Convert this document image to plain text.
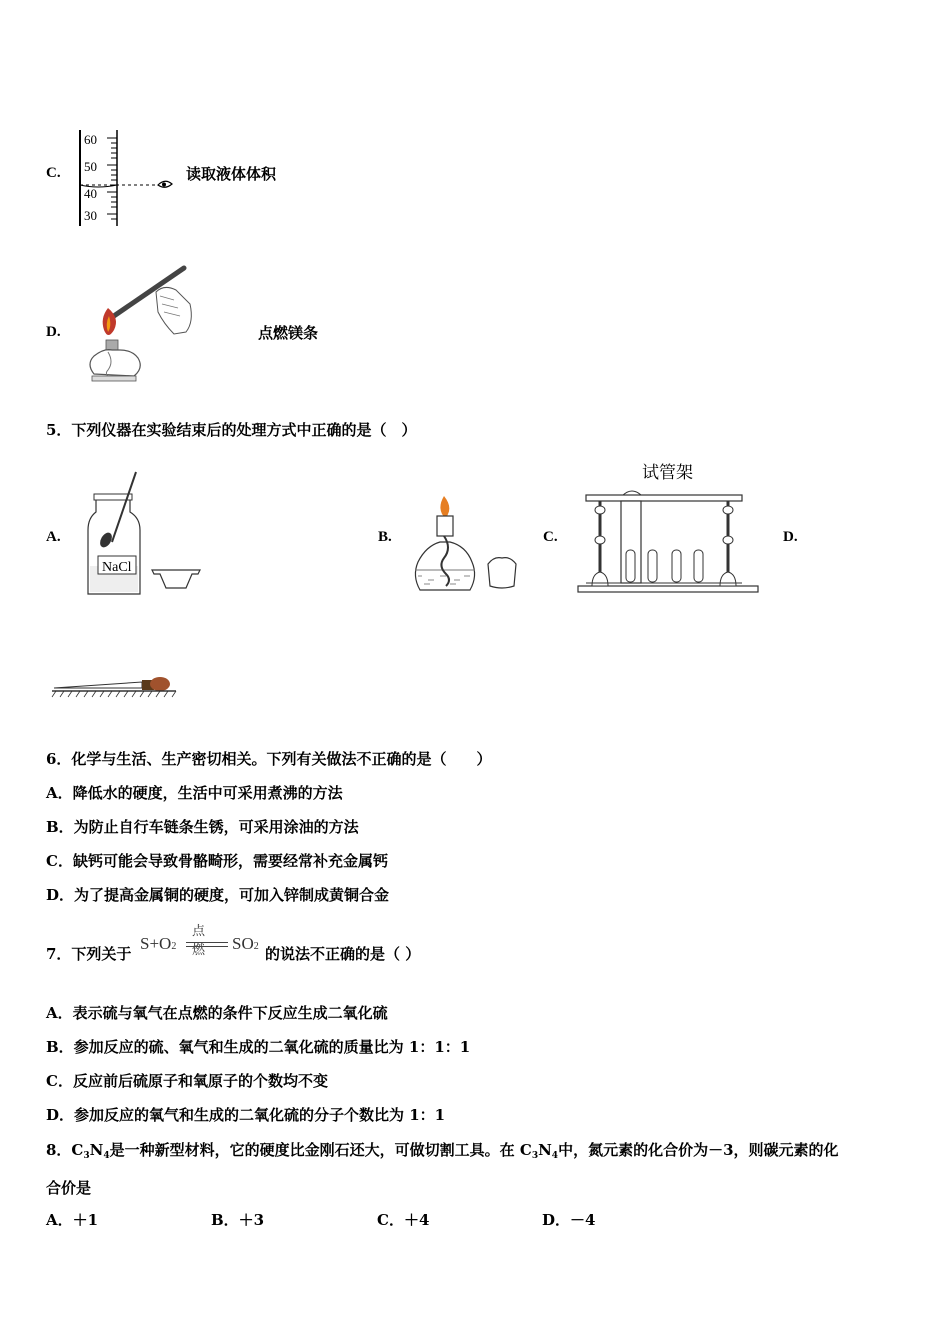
C.
60
50
40
30
读取液体体积
D.	点燃镁条
5．下列仪器在实验结束后的处理方式中正确的是（　）
A.
NaCl
B.	C.
试管架
D.
6．化学与生活、生产密切相关。下列有关做法不正确的是（　　）
A．降低水的硬度，生活中可采用煮沸的方法
B．为防止自行车链条生锈，可采用涂油的方法
C．缺钙可能会导致骨骼畸形，需要经常补充金属钙
D．为了提高金属铜的硬度，可加入锌制成黄铜合金
7．下列关于
S+O2
点燃 SO2 的说法不正确的是（ ）
A．表示硫与氧气在点燃的条件下反应生成二氧化硫
B．参加反应的硫、氧气和生成的二氧化硫的质量比为 1：1：1
C．反应前后硫原子和氧原子的个数均不变
D．参加反应的氧气和生成的二氧化硫的分子个数比为 1：1
8．$C_3N_4$是一种新型材料，它的硬度比金刚石还大，可做切割工具。在 $C_3N_4$中，氮元素的化合价为－3，则碳元素的化
合价是
A．＋1	B．＋3	C．＋4	D．－4
